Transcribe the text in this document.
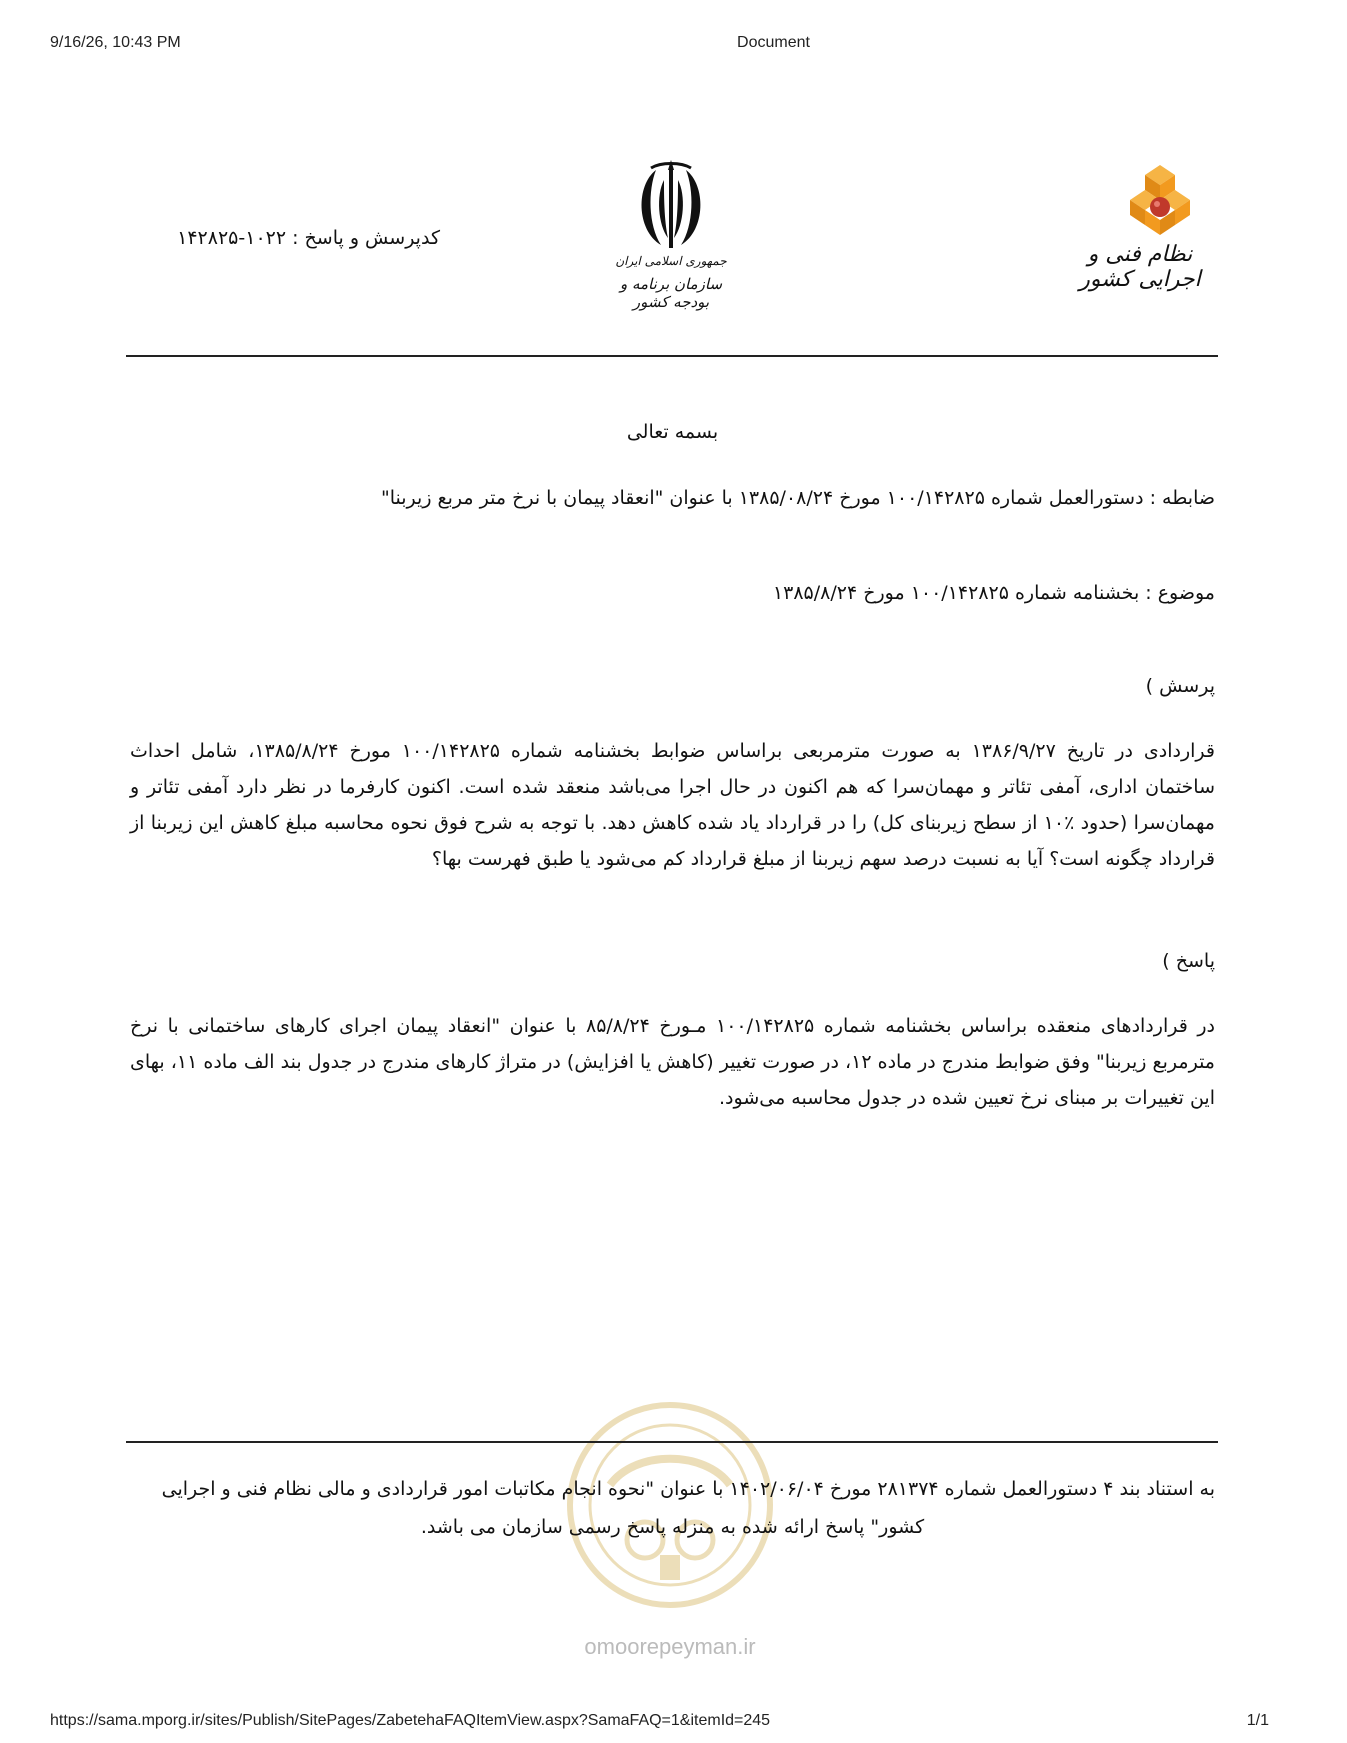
9/16/26, 10:43 PM	Document
نظام فنی و اجرایی کشور
جمهوری اسلامی ایران
سازمان برنامه و بودجه کشور
کدپرسش و پاسخ : ۱۰۲۲-۱۴۲۸۲۵
بسمه تعالی
ضابطه : دستورالعمل شماره ۱۰۰/۱۴۲۸۲۵ مورخ ۱۳۸۵/۰۸/۲۴ با عنوان "انعقاد پیمان با نرخ متر مربع زیربنا"
موضوع : بخشنامه شماره ۱۰۰/۱۴۲۸۲۵ مورخ ۱۳۸۵/۸/۲۴
پرسش )
قراردادی در تاریخ ۱۳۸۶/۹/۲۷ به صورت مترمربعی براساس ضوابط بخشنامه شماره ۱۰۰/۱۴۲۸۲۵ مورخ ۱۳۸۵/۸/۲۴، شامل احداث ساختمان اداری، آمفی تئاتر و مهمان‌سرا که هم اکنون در حال اجرا می‌باشد منعقد شده است. اکنون کارفرما در نظر دارد آمفی تئاتر و مهمان‌سرا (حدود ٪۱۰ از سطح زیربنای کل) را در قرارداد یاد شده کاهش دهد. با توجه به شرح فوق نحوه محاسبه مبلغ کاهش این زیربنا از قرارداد چگونه است؟ آیا به نسبت درصد سهم زیربنا از مبلغ قرارداد کم می‌شود یا طبق فهرست بها؟
پاسخ )
در قراردادهای منعقده براساس بخشنامه شماره ۱۰۰/۱۴۲۸۲۵ مـورخ ۸۵/۸/۲۴ با عنوان "انعقاد پیمان اجرای کارهای ساختمانی با نرخ مترمربع زیربنا" وفق ضوابط مندرج در ماده ۱۲، در صورت تغییر (کاهش یا افزایش) در متراژ کارهای مندرج در جدول بند الف ماده ۱۱، بهای این تغییرات بر مبنای نرخ تعیین شده در جدول محاسبه می‌شود.
omoorepeyman.ir
به استناد بند ۴ دستورالعمل شماره ۲۸۱۳۷۴ مورخ ۱۴۰۲/۰۶/۰۴ با عنوان "نحوه انجام مکاتبات امور قراردادی و مالی نظام فنی و اجرایی
کشور" پاسخ ارائه شده به منزله پاسخ رسمی سازمان می باشد.
https://sama.mporg.ir/sites/Publish/SitePages/ZabetehaFAQItemView.aspx?SamaFAQ=1&itemId=245	1/1
